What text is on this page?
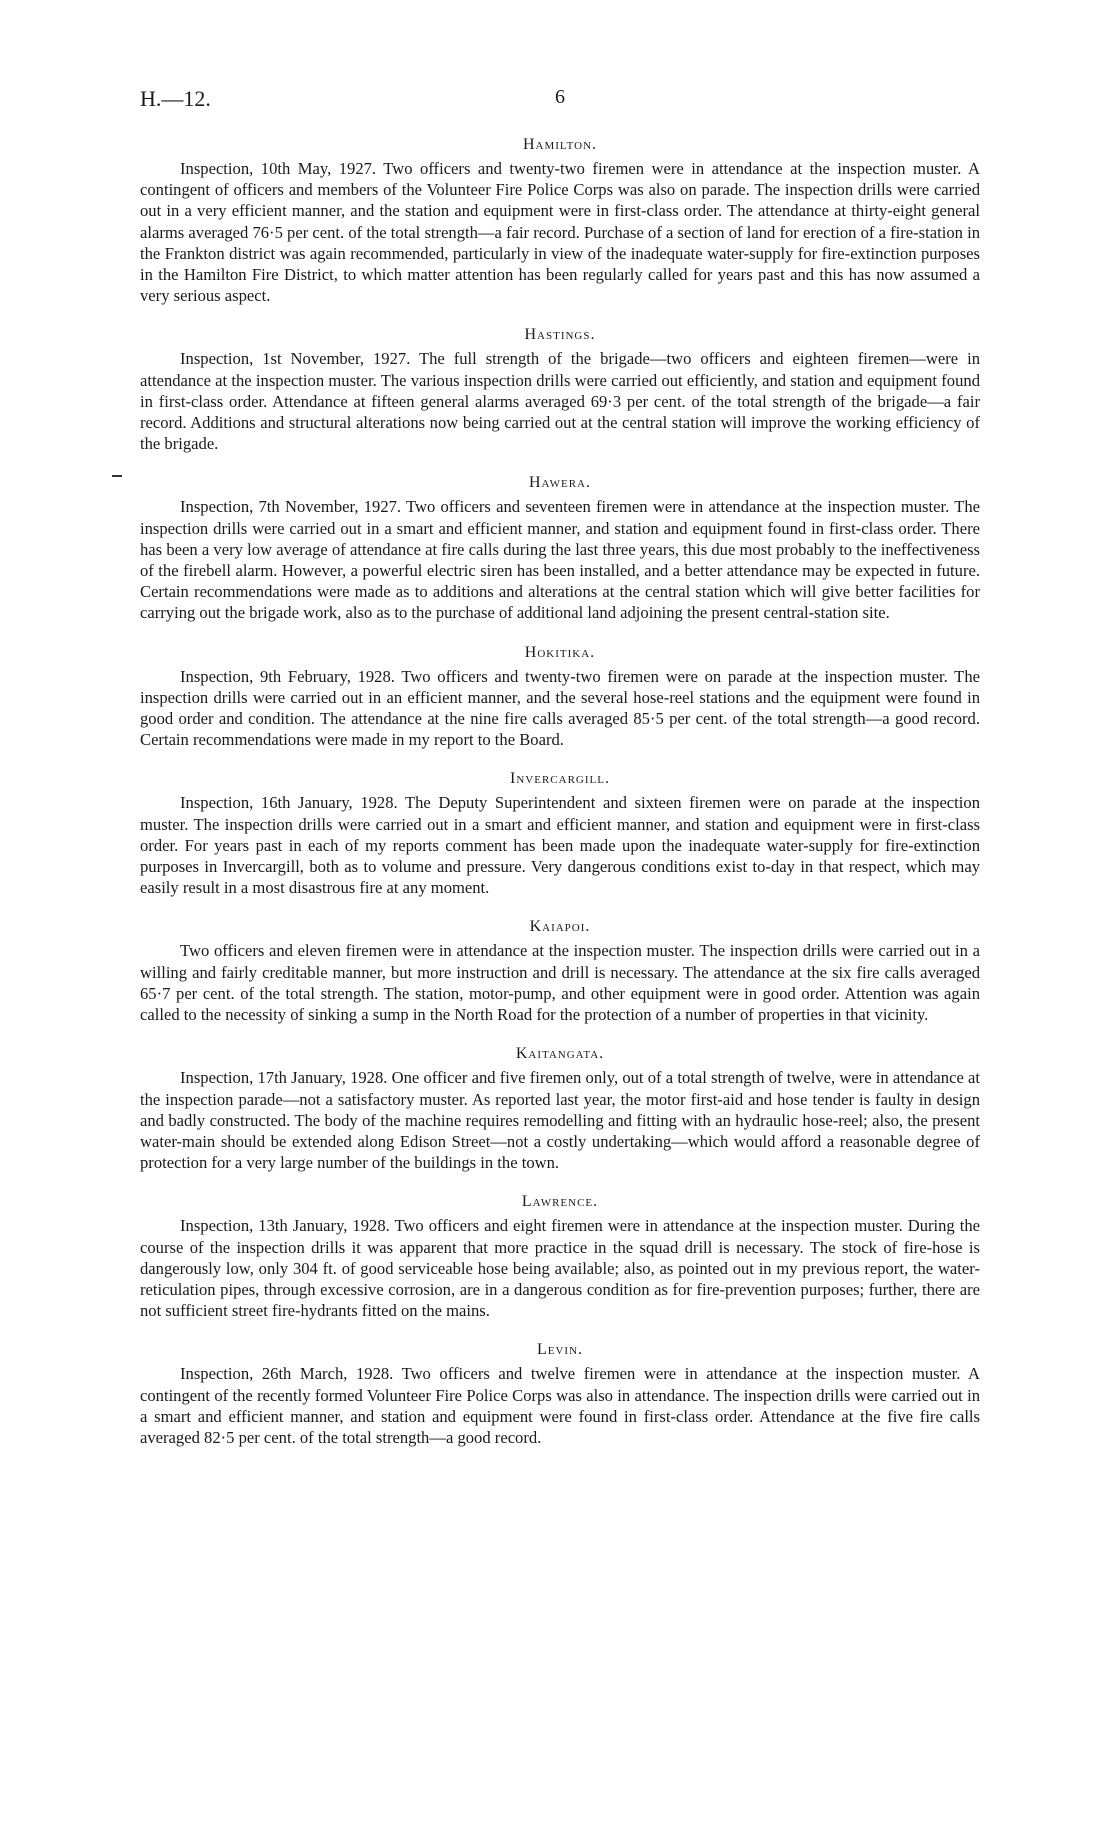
H.—12.	6
Hamilton.

Inspection, 10th May, 1927. Two officers and twenty-two firemen were in attendance at the inspection muster. A contingent of officers and members of the Volunteer Fire Police Corps was also on parade. The inspection drills were carried out in a very efficient manner, and the station and equipment were in first-class order. The attendance at thirty-eight general alarms averaged 76·5 per cent. of the total strength—a fair record. Purchase of a section of land for erection of a fire-station in the Frankton district was again recommended, particularly in view of the inadequate water-supply for fire-extinction purposes in the Hamilton Fire District, to which matter attention has been regularly called for years past and this has now assumed a very serious aspect.

Hastings.

Inspection, 1st November, 1927. The full strength of the brigade—two officers and eighteen firemen—were in attendance at the inspection muster. The various inspection drills were carried out efficiently, and station and equipment found in first-class order. Attendance at fifteen general alarms averaged 69·3 per cent. of the total strength of the brigade—a fair record. Additions and structural alterations now being carried out at the central station will improve the working efficiency of the brigade.

Hawera.

Inspection, 7th November, 1927. Two officers and seventeen firemen were in attendance at the inspection muster. The inspection drills were carried out in a smart and efficient manner, and station and equipment found in first-class order. There has been a very low average of attendance at fire calls during the last three years, this due most probably to the ineffectiveness of the firebell alarm. However, a powerful electric siren has been installed, and a better attendance may be expected in future. Certain recommendations were made as to additions and alterations at the central station which will give better facilities for carrying out the brigade work, also as to the purchase of additional land adjoining the present central-station site.

Hokitika.

Inspection, 9th February, 1928. Two officers and twenty-two firemen were on parade at the inspection muster. The inspection drills were carried out in an efficient manner, and the several hose-reel stations and the equipment were found in good order and condition. The attendance at the nine fire calls averaged 85·5 per cent. of the total strength—a good record. Certain recommendations were made in my report to the Board.

Invercargill.

Inspection, 16th January, 1928. The Deputy Superintendent and sixteen firemen were on parade at the inspection muster. The inspection drills were carried out in a smart and efficient manner, and station and equipment were in first-class order. For years past in each of my reports comment has been made upon the inadequate water-supply for fire-extinction purposes in Invercargill, both as to volume and pressure. Very dangerous conditions exist to-day in that respect, which may easily result in a most disastrous fire at any moment.

Kaiapoi.

Two officers and eleven firemen were in attendance at the inspection muster. The inspection drills were carried out in a willing and fairly creditable manner, but more instruction and drill is necessary. The attendance at the six fire calls averaged 65·7 per cent. of the total strength. The station, motor-pump, and other equipment were in good order. Attention was again called to the necessity of sinking a sump in the North Road for the protection of a number of properties in that vicinity.

Kaitangata.

Inspection, 17th January, 1928. One officer and five firemen only, out of a total strength of twelve, were in attendance at the inspection parade—not a satisfactory muster. As reported last year, the motor first-aid and hose tender is faulty in design and badly constructed. The body of the machine requires remodelling and fitting with an hydraulic hose-reel; also, the present water-main should be extended along Edison Street—not a costly undertaking—which would afford a reasonable degree of protection for a very large number of the buildings in the town.

Lawrence.

Inspection, 13th January, 1928. Two officers and eight firemen were in attendance at the inspection muster. During the course of the inspection drills it was apparent that more practice in the squad drill is necessary. The stock of fire-hose is dangerously low, only 304 ft. of good serviceable hose being available; also, as pointed out in my previous report, the water-reticulation pipes, through excessive corrosion, are in a dangerous condition as for fire-prevention purposes; further, there are not sufficient street fire-hydrants fitted on the mains.

Levin.

Inspection, 26th March, 1928. Two officers and twelve firemen were in attendance at the inspection muster. A contingent of the recently formed Volunteer Fire Police Corps was also in attendance. The inspection drills were carried out in a smart and efficient manner, and station and equipment were found in first-class order. Attendance at the five fire calls averaged 82·5 per cent. of the total strength—a good record.
